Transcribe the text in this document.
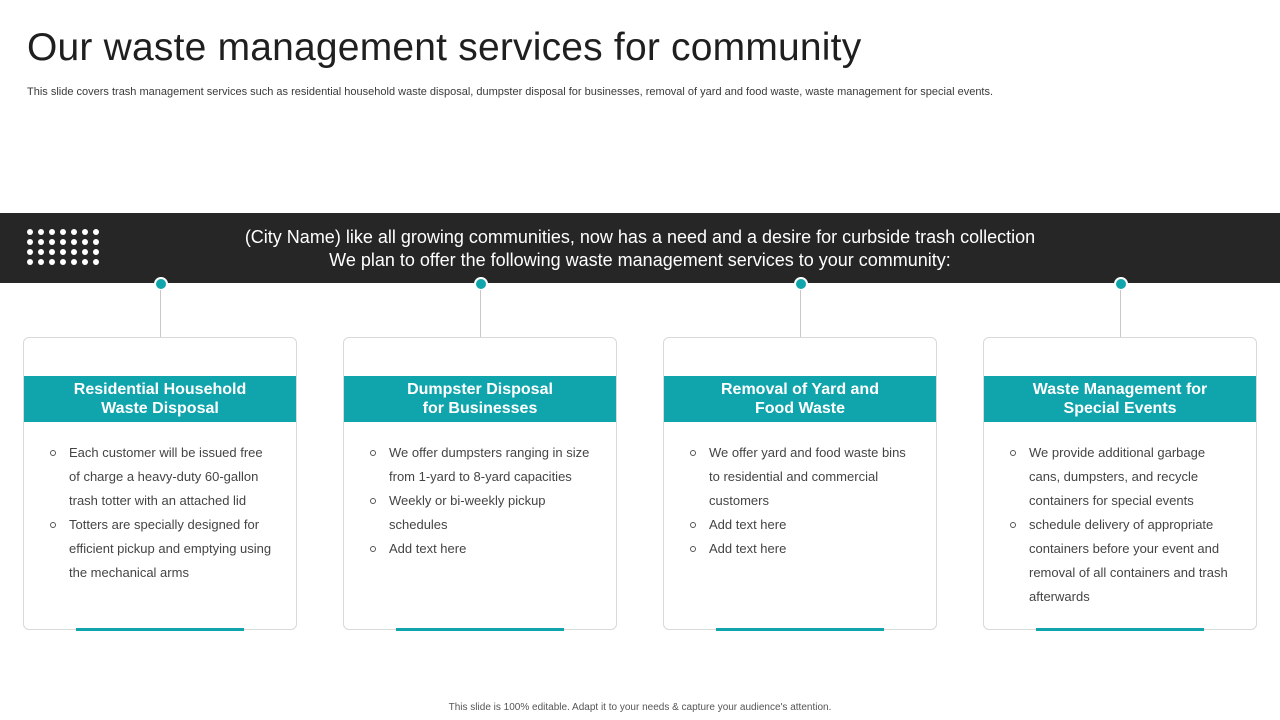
Our waste management services for community
This slide covers trash management services such as residential household waste disposal, dumpster disposal for businesses, removal of yard and food waste, waste management for special events.
(City Name) like all growing communities, now has a need and a desire for curbside trash collection
We plan to offer the following waste management services to your community:
Residential Household
Waste Disposal
Each customer will be issued free of charge a heavy-duty 60-gallon trash totter with an attached lid
Totters are specially designed for efficient pickup and emptying using the mechanical arms
Dumpster Disposal
for Businesses
We offer dumpsters ranging in size from 1-yard to 8-yard capacities
Weekly or bi-weekly pickup schedules
Add text here
Removal of Yard and
Food Waste
We offer yard and food waste bins to residential and commercial customers
Add text here
Add text here
Waste Management for
Special Events
We provide additional garbage cans, dumpsters, and recycle containers for special events
schedule delivery of appropriate containers before your event and removal of all containers and trash afterwards
This slide is 100% editable. Adapt it to your needs & capture your audience's attention.
